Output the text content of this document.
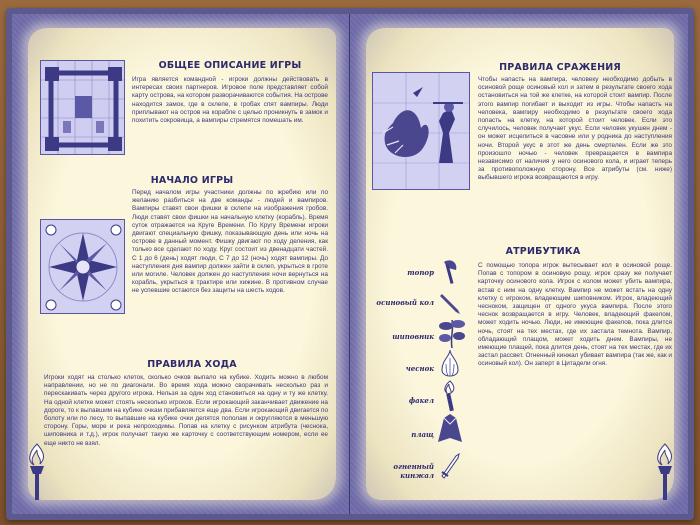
ОБЩЕЕ ОПИСАНИЕ ИГРЫ
Игра является командной - игроки должны действовать в интересах своих партнеров. Игровое поле представляет собой карту острова, на котором разворачиваются события. На острове находится замок, где в склепе, в гробах спят вампиры. Люди приплывают на остров на корабле с целью проникнуть в замок и похитить сокровища, а вампиры стремятся помешать им.
НАЧАЛО ИГРЫ
Перед началом игры участники должны по жребию или по желанию разбиться на две команды - людей и вампиров. Вампиры ставят свои фишки в склепе на изображения гробов. Люди ставят свои фишки на начальную клетку (корабль). Время суток отражается на Круге Времени. По Кругу Времени игроки двигают специальную фишку, показывающую день или ночь на острове в данный момент. Фишку двигают по ходу деления, как только все сделают по ходу. Круг состоит из двенадцати частей. С 1 до 6 (день) ходят люди, С 7 до 12 (ночь) ходят вампиры. До наступления дня вампир должен зайти в склеп, укрыться в гроте или могиле. Человек должен до наступления ночи вернуться на корабль, укрыться в трактире или хижине. В противном случае не успевшие остаются без защиты на шесть ходов.
ПРАВИЛА ХОДА
Игроки ходят на столько клеток, сколько очков выпало на кубике. Ходить можно в любом направлении, но не по диагонали. Во время хода можно сворачивать несколько раз и перескакивать через другого игрока. Нельзя за один ход становиться на одну и ту же клетку. На одной клетке может стоять несколько игроков. Если игрокающий заканчивает движение на дороге, то к выпавшим на кубике очкам прибавляется еще два. Если игрокающий двигается по болоту или по лесу, то выпавшие на кубике очки делятся пополам и округляются в меньшую сторону. Горы, море и река непроходимы. Попав на клетку с рисунком атрибута (чеснока, шиповника и т.д.), игрок получает такую же карточку с соответствующим номером, если ее еще никто не взял.
ПРАВИЛА СРАЖЕНИЯ
Чтобы напасть на вампира, человеку необходимо добыть в осиновой роще осиновый кол и затем в результате своего хода остановиться на той же клетке, на которой стоит вампир. После этого вампир погибает и выходит из игры. Чтобы напасть на человека, вампиру необходимо в результате своего хода попасть на клетку, на которой стоит человек. Если это случилось, человек получает укус. Если человек укушен днем - он может исцелиться в часовне или у родника до наступления ночи. Второй укус в этот же день смертелен. Если же это произошло ночью - человек превращается в вампира независимо от наличия у него осинового кола, и играет теперь за противоположную сторону. Все атрибуты (см. ниже) выбывшего игрока возвращаются в игру.
АТРИБУТИКА
С помощью топора игрок вытесывает кол в осиновой роще. Попав с топором в осиновую рощу, игрок сразу же получает карточку осинового кола. Игрок с колом может убить вампира, встав с ним на одну клетку. Вампир не может встать на одну клетку с игроком, владеющим шиповником. Игрок, владеющий чесноком, защищен от одного укуса вампира. После этого чеснок возвращается в игру. Человек, владеющий факелом, может ходить ночью. Люди, не имеющие факелов, пока длится ночь, стоят на тех местах, где их застала темнота. Вампир, обладающий плащом, может ходить днем. Вампиры, не имеющие плащей, пока длится день, стоят на тех местах, где их застал рассвет. Огненный кинжал убивает вампира (так же, как и осиновый кол). Он заперт в Цитадели огня.
топор
осиновый кол
шиповник
чеснок
факел
плащ
огненный кинжал
